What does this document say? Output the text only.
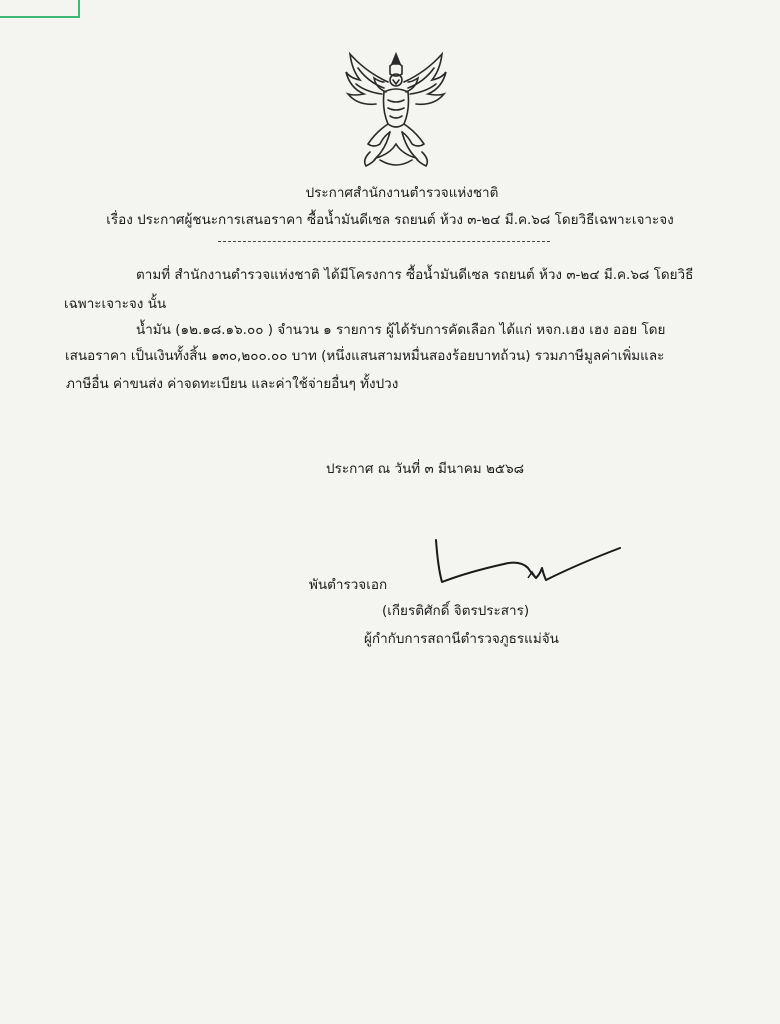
ประกาศสำนักงานตำรวจแห่งชาติ
เรื่อง ประกาศผู้ชนะการเสนอราคา ซื้อน้ำมันดีเซล รถยนต์ ห้วง ๓-๒๔ มี.ค.๖๘ โดยวิธีเฉพาะเจาะจง
ตามที่ สำนักงานตำรวจแห่งชาติ ได้มีโครงการ ซื้อน้ำมันดีเซล รถยนต์ ห้วง ๓-๒๔ มี.ค.๖๘ โดยวิธี
เฉพาะเจาะจง นั้น
น้ำมัน (๑๒.๑๘.๑๖.๐๐ ) จำนวน ๑ รายการ ผู้ได้รับการคัดเลือก ได้แก่ หจก.เฮง เฮง ออย โดย
เสนอราคา เป็นเงินทั้งสิ้น ๑๓๐,๒๐๐.๐๐ บาท (หนึ่งแสนสามหมื่นสองร้อยบาทถ้วน) รวมภาษีมูลค่าเพิ่มและ
ภาษีอื่น ค่าขนส่ง ค่าจดทะเบียน และค่าใช้จ่ายอื่นๆ ทั้งปวง
ประกาศ ณ วันที่ ๓ มีนาคม ๒๕๖๘
พันตำรวจเอก
(เกียรติศักดิ์ จิตรประสาร)
ผู้กำกับการสถานีตำรวจภูธรแม่จัน
